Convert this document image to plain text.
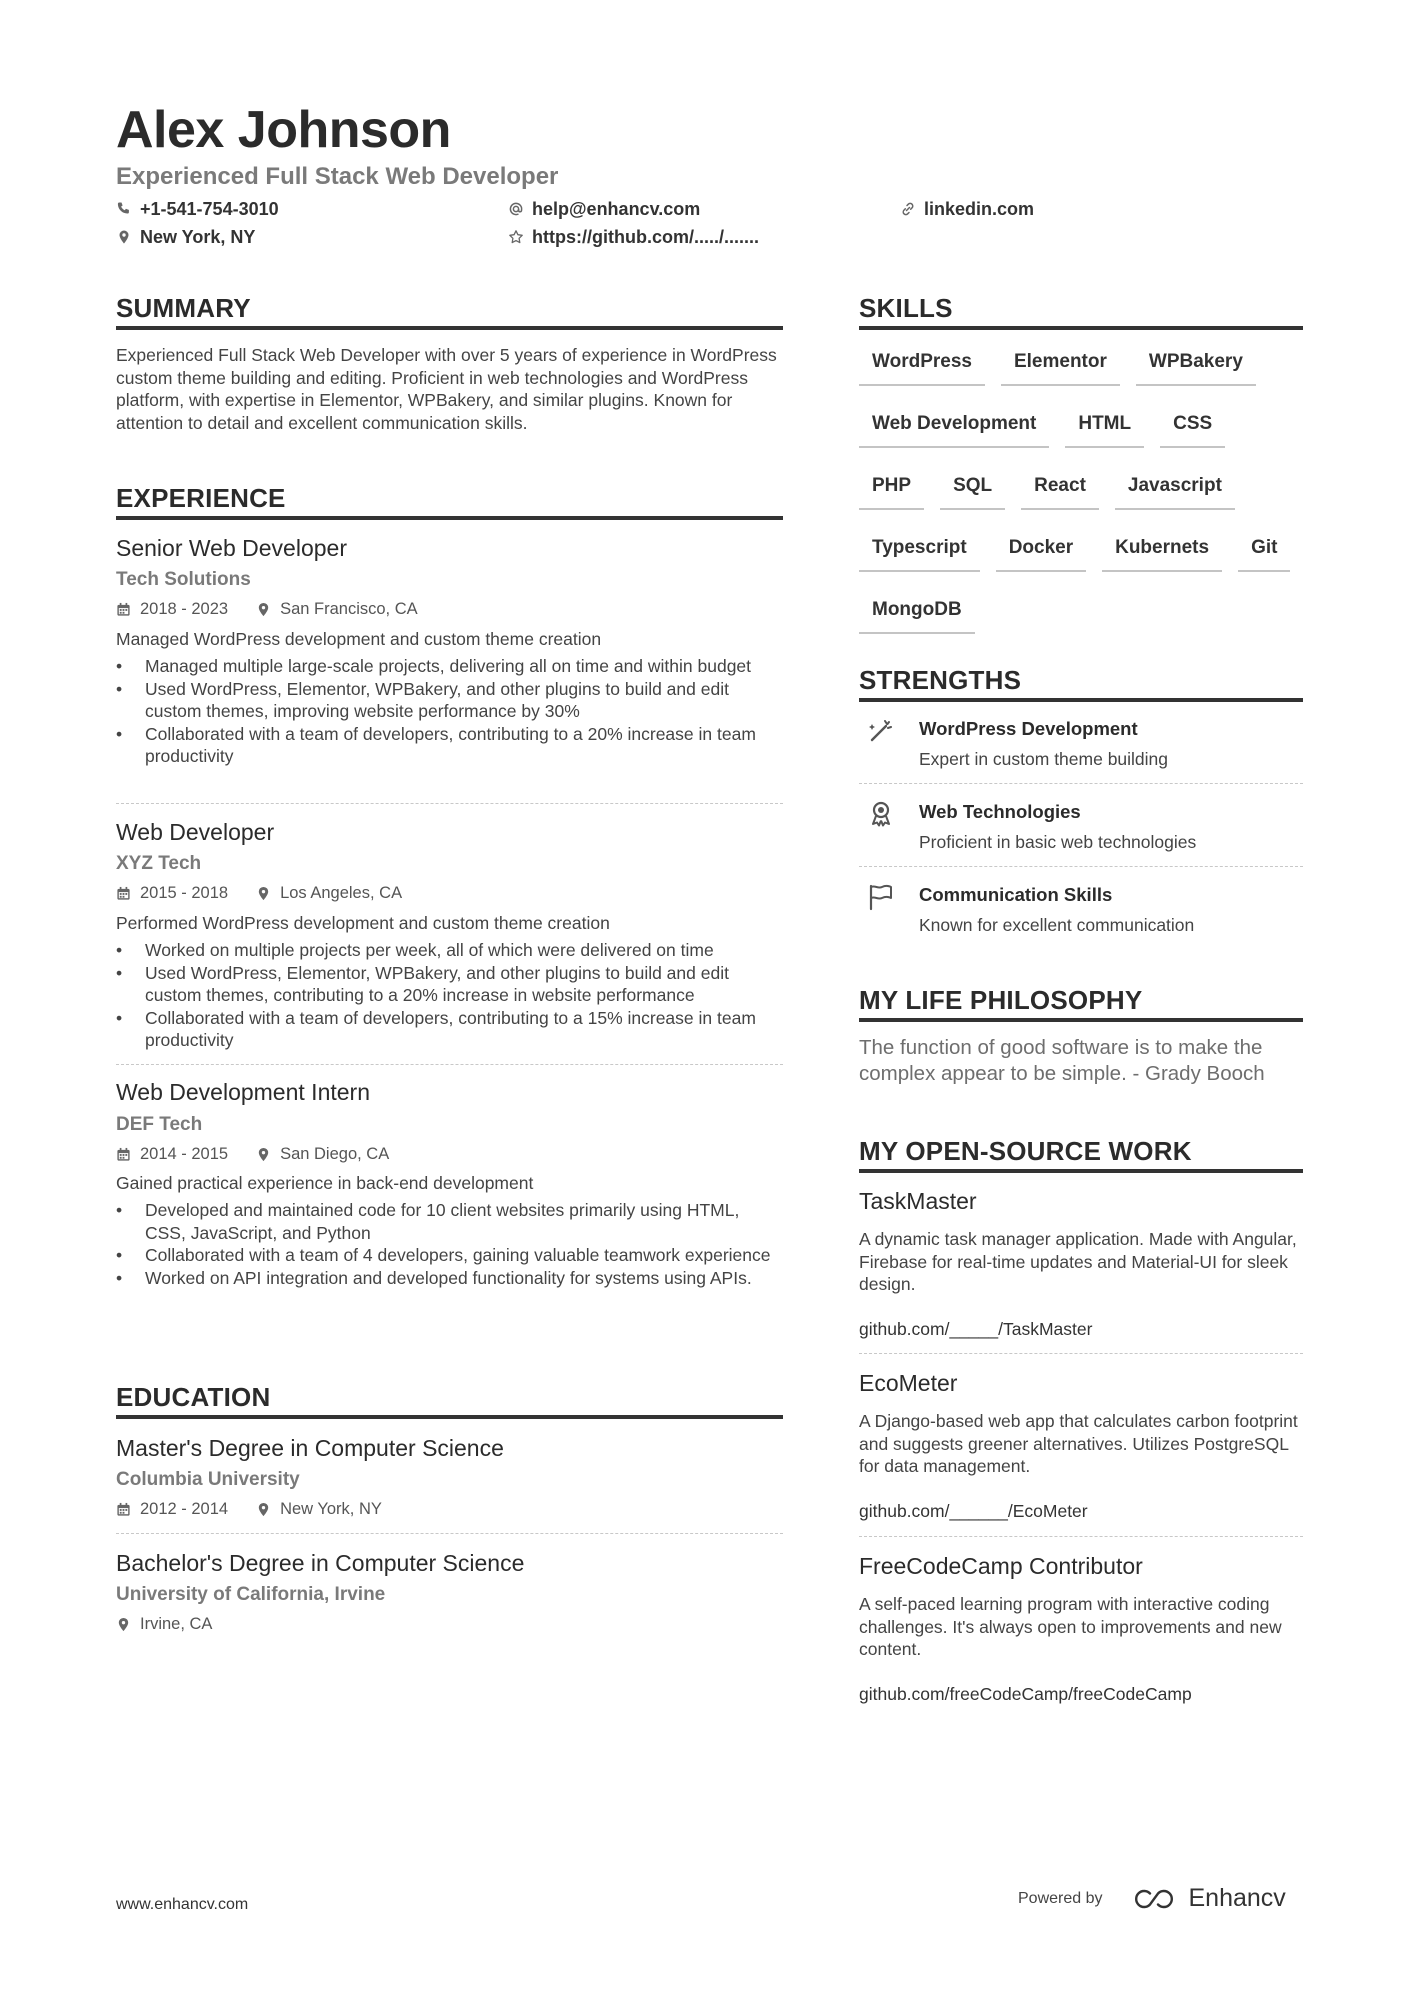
Alex Johnson
Experienced Full Stack Web Developer
+1-541-754-3010	help@enhancv.com	linkedin.com
New York, NY	https://github.com/...../.......
SUMMARY
Experienced Full Stack Web Developer with over 5 years of experience in WordPress custom theme building and editing. Proficient in web technologies and WordPress platform, with expertise in Elementor, WPBakery, and similar plugins. Known for attention to detail and excellent communication skills.
EXPERIENCE
Senior Web Developer
Tech Solutions
2018 - 2023	San Francisco, CA
Managed WordPress development and custom theme creation
• Managed multiple large-scale projects, delivering all on time and within budget
• Used WordPress, Elementor, WPBakery, and other plugins to build and edit custom themes, improving website performance by 30%
• Collaborated with a team of developers, contributing to a 20% increase in team productivity
Web Developer
XYZ Tech
2015 - 2018	Los Angeles, CA
Performed WordPress development and custom theme creation
• Worked on multiple projects per week, all of which were delivered on time
• Used WordPress, Elementor, WPBakery, and other plugins to build and edit custom themes, contributing to a 20% increase in website performance
• Collaborated with a team of developers, contributing to a 15% increase in team productivity
Web Development Intern
DEF Tech
2014 - 2015	San Diego, CA
Gained practical experience in back-end development
• Developed and maintained code for 10 client websites primarily using HTML, CSS, JavaScript, and Python
• Collaborated with a team of 4 developers, gaining valuable teamwork experience
• Worked on API integration and developed functionality for systems using APIs.
EDUCATION
Master's Degree in Computer Science
Columbia University
2012 - 2014	New York, NY
Bachelor's Degree in Computer Science
University of California, Irvine
Irvine, CA
SKILLS
WordPress	Elementor	WPBakery
Web Development	HTML	CSS
PHP	SQL	React	Javascript
Typescript	Docker	Kubernets	Git
MongoDB
STRENGTHS
WordPress Development
Expert in custom theme building
Web Technologies
Proficient in basic web technologies
Communication Skills
Known for excellent communication
MY LIFE PHILOSOPHY
The function of good software is to make the complex appear to be simple. - Grady Booch
MY OPEN-SOURCE WORK
TaskMaster
A dynamic task manager application. Made with Angular, Firebase for real-time updates and Material-UI for sleek design.
github.com/_____/TaskMaster
EcoMeter
A Django-based web app that calculates carbon footprint and suggests greener alternatives. Utilizes PostgreSQL for data management.
github.com/______/EcoMeter
FreeCodeCamp Contributor
A self-paced learning program with interactive coding challenges. It's always open to improvements and new content.
github.com/freeCodeCamp/freeCodeCamp
www.enhancv.com	Powered by	Enhancv
